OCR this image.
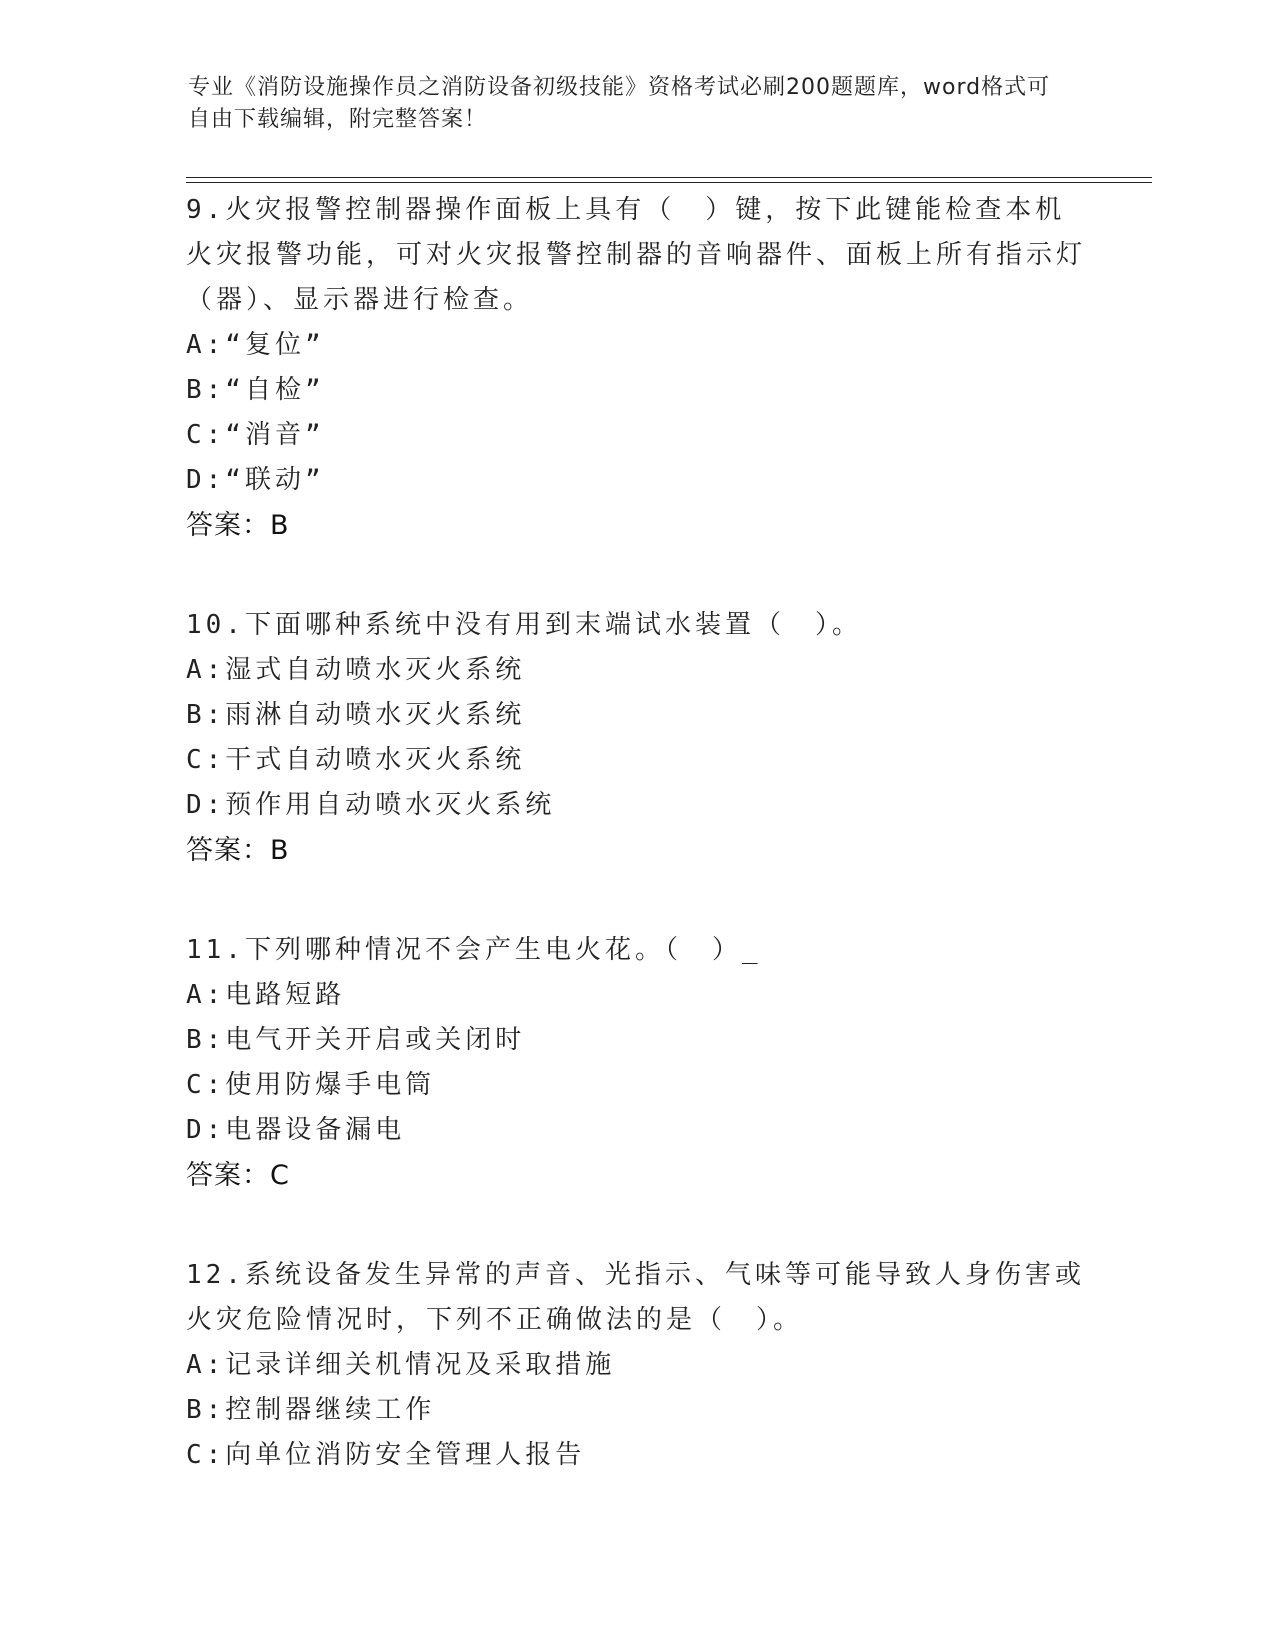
专业《消防设施操作员之消防设备初级技能》资格考试必刷200题题库，word格式可自由下载编辑，附完整答案！

9.火灾报警控制器操作面板上具有（　）键，按下此键能检查本机火灾报警功能，可对火灾报警控制器的音响器件、面板上所有指示灯（器）、显示器进行检查。

A:“复位”

B:“自检”

C:“消音”

D:“联动”

答案：B

10.下面哪种系统中没有用到末端试水装置（　）。

A:湿式自动喷水灭火系统

B:雨淋自动喷水灭火系统

C:干式自动喷水灭火系统

D:预作用自动喷水灭火系统

答案：B

11.下列哪种情况不会产生电火花。（　）_

A:电路短路

B:电气开关开启或关闭时

C:使用防爆手电筒

D:电器设备漏电

答案：C

12.系统设备发生异常的声音、光指示、气味等可能导致人身伤害或火灾危险情况时，下列不正确做法的是（　）。

A:记录详细关机情况及采取措施

B:控制器继续工作

C:向单位消防安全管理人报告
